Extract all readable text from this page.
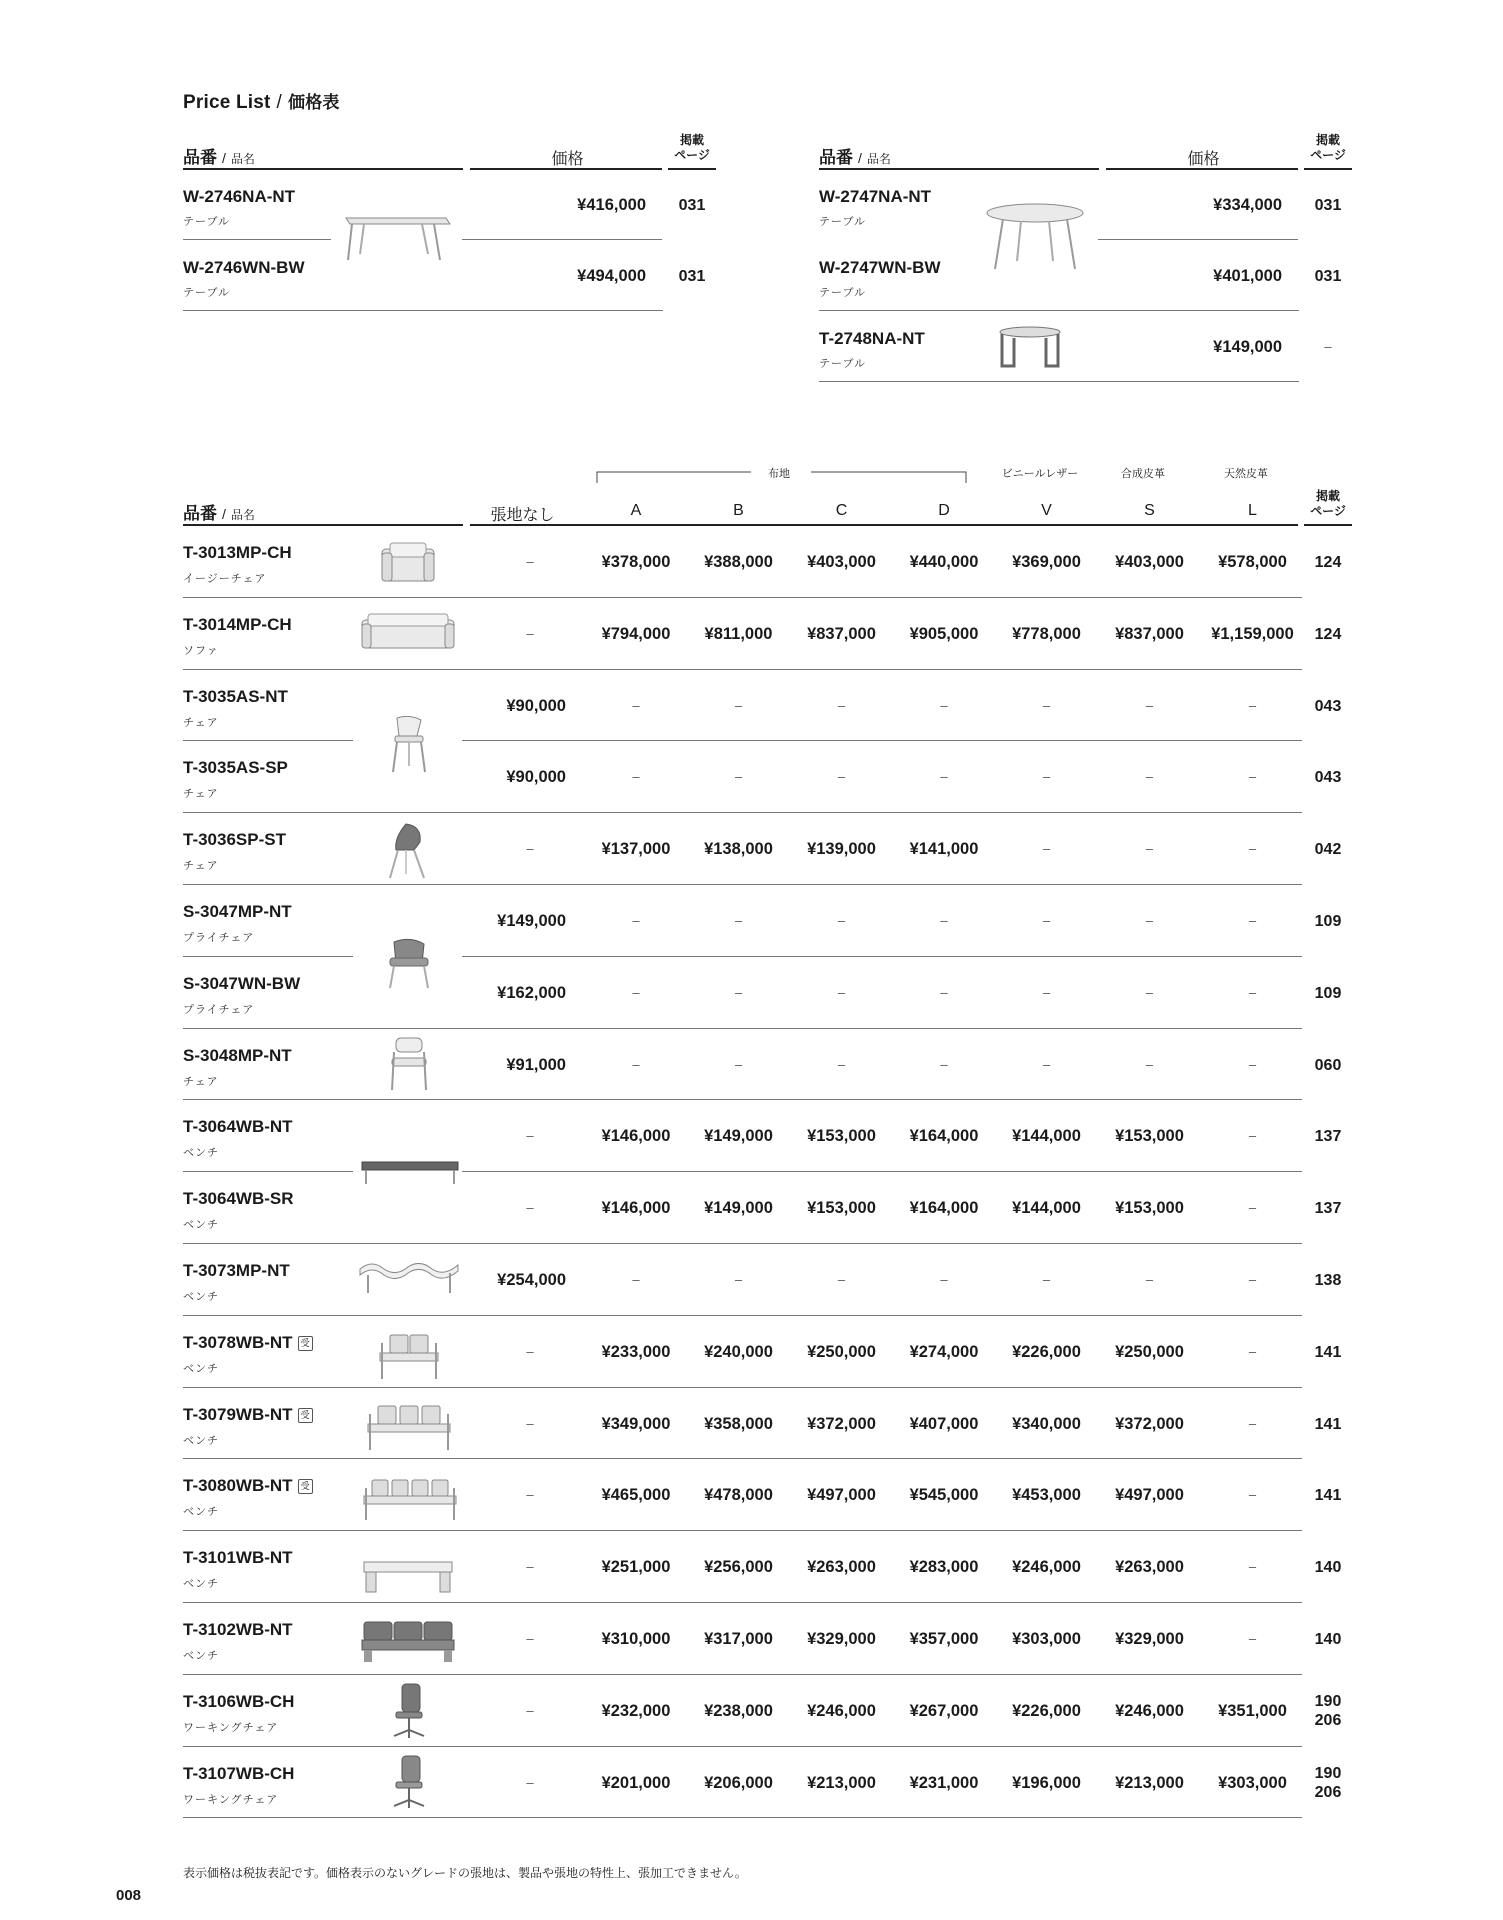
Price List / 価格表
品番 / 品名	価格
掲載
ページ
W-2746NA-NT
テーブル
¥416,000	031
W-2746WN-BW
テーブル
¥494,000	031
品番 / 品名	価格
掲載
ページ
W-2747NA-NT
テーブル
¥334,000	031
W-2747WN-BW
テーブル
¥401,000	031
T-2748NA-NT
テーブル
¥149,000	–
布地	ビニールレザー	合成皮革	天然皮革
品番 / 品名	張地なし	A	B	C	D	V	S	L
掲載
ページ
T-3013MP-CH
イージーチェア
–	¥378,000	¥388,000	¥403,000	¥440,000	¥369,000	¥403,000	¥578,000	124
T-3014MP-CH
ソファ
–	¥794,000	¥811,000	¥837,000	¥905,000	¥778,000	¥837,000	¥1,159,000	124
T-3035AS-NT
チェア
¥90,000	–	–	–	–	–	–	–	043
T-3035AS-SP
チェア
¥90,000	–	–	–	–	–	–	–	043
T-3036SP-ST
チェア
–	¥137,000	¥138,000	¥139,000	¥141,000	–	–	–	042
S-3047MP-NT
プライチェア
¥149,000	–	–	–	–	–	–	–	109
S-3047WN-BW
プライチェア
¥162,000	–	–	–	–	–	–	–	109
S-3048MP-NT
チェア
¥91,000	–	–	–	–	–	–	–	060
T-3064WB-NT
ベンチ
–	¥146,000	¥149,000	¥153,000	¥164,000	¥144,000	¥153,000	–	137
T-3064WB-SR
ベンチ
–	¥146,000	¥149,000	¥153,000	¥164,000	¥144,000	¥153,000	–	137
T-3073MP-NT
ベンチ
¥254,000	–	–	–	–	–	–	–	138
T-3078WB-NT 受
ベンチ
–	¥233,000	¥240,000	¥250,000	¥274,000	¥226,000	¥250,000	–	141
T-3079WB-NT 受
ベンチ
–	¥349,000	¥358,000	¥372,000	¥407,000	¥340,000	¥372,000	–	141
T-3080WB-NT 受
ベンチ
–	¥465,000	¥478,000	¥497,000	¥545,000	¥453,000	¥497,000	–	141
T-3101WB-NT
ベンチ
–	¥251,000	¥256,000	¥263,000	¥283,000	¥246,000	¥263,000	–	140
T-3102WB-NT
ベンチ
–	¥310,000	¥317,000	¥329,000	¥357,000	¥303,000	¥329,000	–	140
T-3106WB-CH
ワーキングチェア
–	¥232,000	¥238,000	¥246,000	¥267,000	¥226,000	¥246,000	¥351,000
190
206
T-3107WB-CH
ワーキングチェア
–	¥201,000	¥206,000	¥213,000	¥231,000	¥196,000	¥213,000	¥303,000
190
206
表示価格は税抜表記です。価格表示のないグレードの張地は、製品や張地の特性上、張加工できません。
008
